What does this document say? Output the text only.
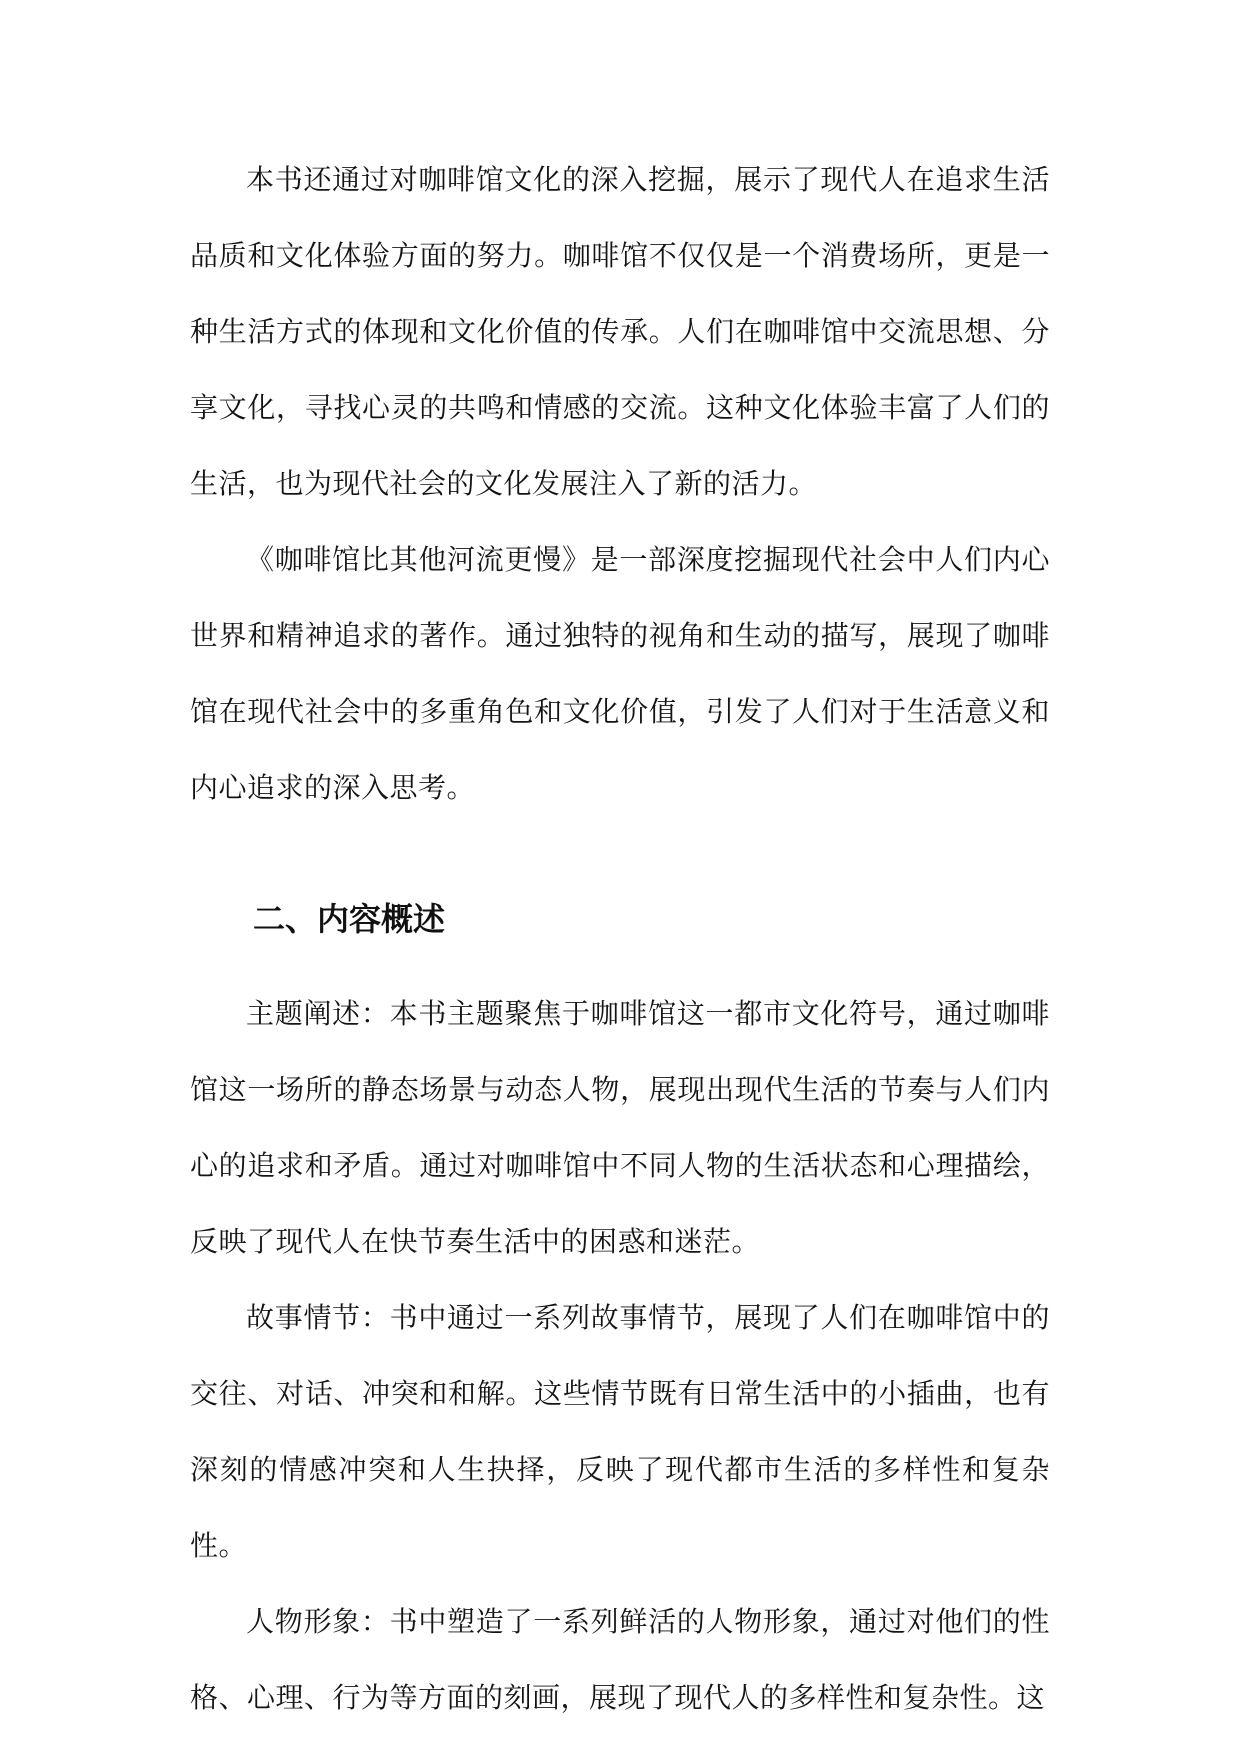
本书还通过对咖啡馆文化的深入挖掘，展示了现代人在追求生活品质和文化体验方面的努力。咖啡馆不仅仅是一个消费场所，更是一种生活方式的体现和文化价值的传承。人们在咖啡馆中交流思想、分享文化，寻找心灵的共鸣和情感的交流。这种文化体验丰富了人们的生活，也为现代社会的文化发展注入了新的活力。

《咖啡馆比其他河流更慢》是一部深度挖掘现代社会中人们内心世界和精神追求的著作。通过独特的视角和生动的描写，展现了咖啡馆在现代社会中的多重角色和文化价值，引发了人们对于生活意义和内心追求的深入思考。

二、内容概述

主题阐述：本书主题聚焦于咖啡馆这一都市文化符号，通过咖啡馆这一场所的静态场景与动态人物，展现出现代生活的节奏与人们内心的追求和矛盾。通过对咖啡馆中不同人物的生活状态和心理描绘，反映了现代人在快节奏生活中的困惑和迷茫。

故事情节：书中通过一系列故事情节，展现了人们在咖啡馆中的交往、对话、冲突和和解。这些情节既有日常生活中的小插曲，也有深刻的情感冲突和人生抉择，反映了现代都市生活的多样性和复杂性。

人物形象：书中塑造了一系列鲜活的人物形象，通过对他们的性格、心理、行为等方面的刻画，展现了现代人的多样性和复杂性。这
